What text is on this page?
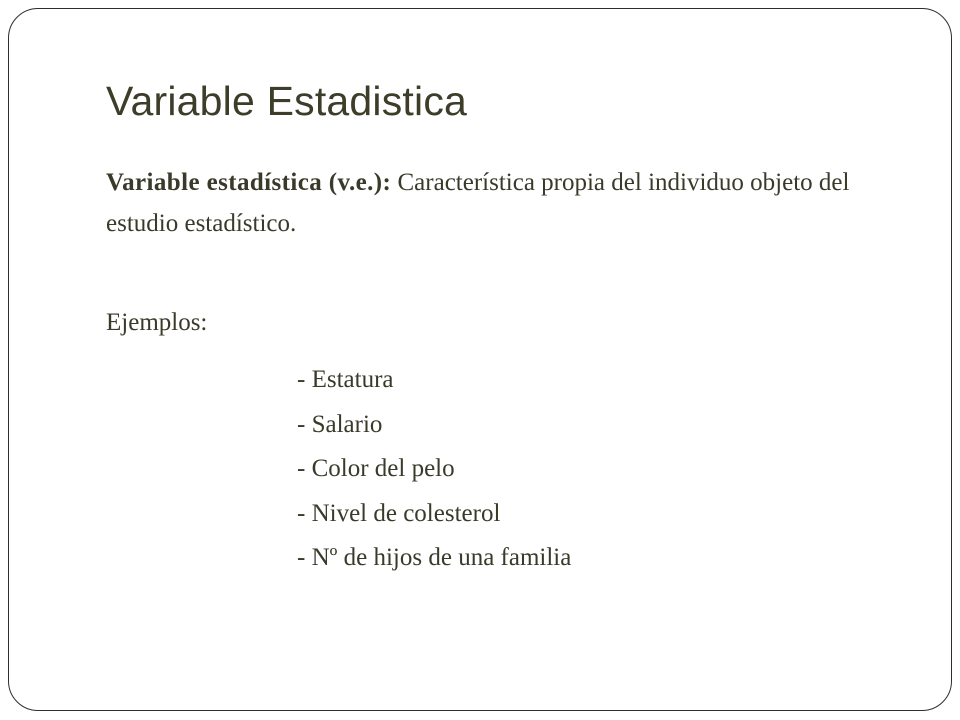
Variable Estadistica
Variable estadística (v.e.): Característica propia del individuo objeto del estudio estadístico.
Ejemplos:
- Estatura
- Salario
- Color del pelo
- Nivel de colesterol
- Nº de hijos de una familia
